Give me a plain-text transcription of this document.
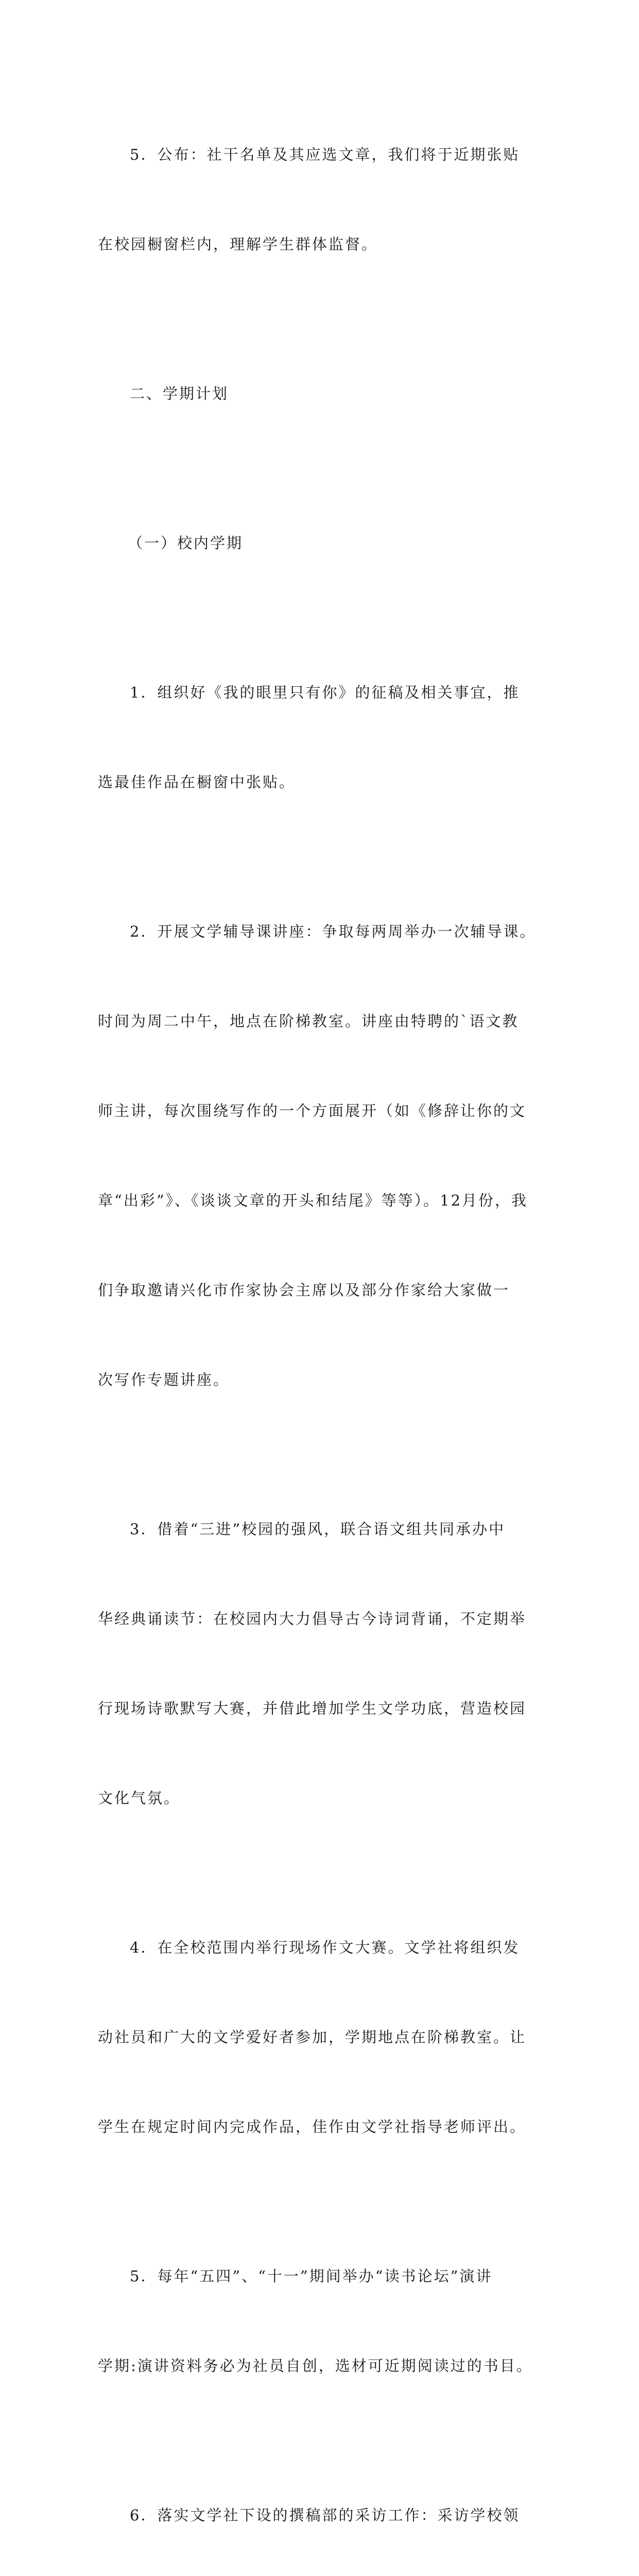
5．公布：社干名单及其应选文章，我们将于近期张贴

在校园橱窗栏内，理解学生群体监督。

二、学期计划

（一）校内学期

1．组织好《我的眼里只有你》的征稿及相关事宜，推

选最佳作品在橱窗中张贴。

2．开展文学辅导课讲座：争取每两周举办一次辅导课。

时间为周二中午，地点在阶梯教室。讲座由特聘的`语文教

师主讲，每次围绕写作的一个方面展开（如《修辞让你的文

章“出彩”》、《谈谈文章的开头和结尾》等等）。12月份，我

们争取邀请兴化市作家协会主席以及部分作家给大家做一

次写作专题讲座。

3．借着“三进”校园的强风，联合语文组共同承办中

华经典诵读节：在校园内大力倡导古今诗词背诵，不定期举

行现场诗歌默写大赛，并借此增加学生文学功底，营造校园

文化气氛。

4．在全校范围内举行现场作文大赛。文学社将组织发

动社员和广大的文学爱好者参加，学期地点在阶梯教室。让

学生在规定时间内完成作品，佳作由文学社指导老师评出。

5．每年“五四”、“十一”期间举办“读书论坛”演讲

学期:演讲资料务必为社员自创，选材可近期阅读过的书目。

6．落实文学社下设的撰稿部的采访工作：采访学校领
